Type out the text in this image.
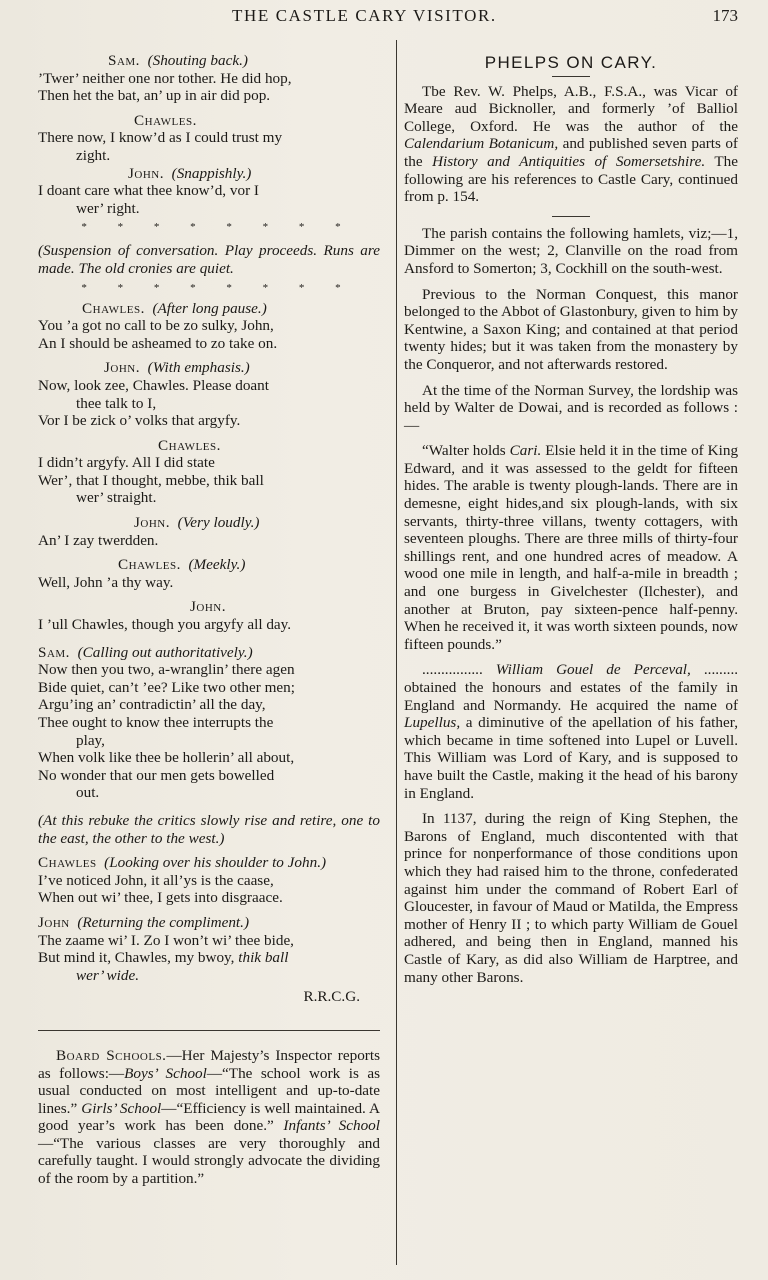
THE CASTLE CARY VISITOR.	173

Sam. (Shouting back.)

’Twer’ neither one nor tother. He did hop,

Then het the bat, an’ up in air did pop.

Chawles.

There now, I know’d as I could trust my

zight.

John. (Snappishly.)

I doant care what thee know’d, vor I

wer’ right.

* * * * * * * *

(Suspension of conversation. Play proceeds. Runs are made. The old cronies are quiet.

* * * * * * * *

Chawles. (After long pause.)

You ’a got no call to be zo sulky, John,

An I should be asheamed to zo take on.

John. (With emphasis.)

Now, look zee, Chawles. Please doant

thee talk to I,

Vor I be zick o’ volks that argyfy.

Chawles.

I didn’t argyfy. All I did state

Wer’, that I thought, mebbe, thik ball

wer’ straight.

John. (Very loudly.)

An’ I zay twerdden.

Chawles. (Meekly.)

Well, John ’a thy way.

John.

I ’ull Chawles, though you argyfy all day.

Sam. (Calling out authoritatively.)

Now then you two, a-wranglin’ there agen

Bide quiet, can’t ’ee? Like two other men;

Argu’ing an’ contradictin’ all the day,

Thee ought to know thee interrupts the

play,

When volk like thee be hollerin’ all about,

No wonder that our men gets bowelled

out.

(At this rebuke the critics slowly rise and retire, one to the east, the other to the west.)

Chawles (Looking over his shoulder to John.)

I’ve noticed John, it all’ys is the caase,

When out wi’ thee, I gets into disgraace.

John (Returning the compliment.)

The zaame wi’ I. Zo I won’t wi’ thee bide,

But mind it, Chawles, my bwoy, thik ball

wer’ wide.

R.R.C.G.

Board Schools.—Her Majesty’s Inspector reports as follows:—Boys’ School—“The school work is as usual conducted on most intelligent and up-to-date lines.” Girls’ School—“Efficiency is well maintained. A good year’s work has been done.” Infants’ School—“The various classes are very thoroughly and carefully taught. I would strongly advocate the dividing of the room by a partition.”

PHELPS ON CARY.

Tbe Rev. W. Phelps, A.B., F.S.A., was Vicar of Meare aud Bicknoller, and formerly ’of Balliol College, Oxford. He was the author of the Calendarium Botanicum, and published seven parts of the History and Antiquities of Somersetshire. The following are his references to Castle Cary, continued from p. 154.

The parish contains the following hamlets, viz;—1, Dimmer on the west; 2, Clanville on the road from Ansford to Somerton; 3, Cockhill on the south-west.

Previous to the Norman Conquest, this manor belonged to the Abbot of Glastonbury, given to him by Kentwine, a Saxon King; and contained at that period twenty hides; but it was taken from the monastery by the Conqueror, and not afterwards restored.

At the time of the Norman Survey, the lordship was held by Walter de Dowai, and is recorded as follows :—

“Walter holds Cari. Elsie held it in the time of King Edward, and it was assessed to the geldt for fifteen hides. The arable is twenty plough-lands. There are in demesne, eight hides,and six plough-lands, with six servants, thirty-three villans, twenty cottagers, with seventeen ploughs. There are three mills of thirty-four shillings rent, and one hundred acres of meadow. A wood one mile in length, and half-a-mile in breadth ; and one burgess in Givelchester (Ilchester), and another at Bruton, pay sixteen-pence half-penny. When he received it, it was worth sixteen pounds, now fifteen pounds.”

................ William Gouel de Perceval, ......... obtained the honours and estates of the family in England and Normandy. He acquired the name of Lupellus, a diminutive of the apellation of his father, which became in time softened into Lupel or Luvell. This William was Lord of Kary, and is supposed to have built the Castle, making it the head of his barony in England.

In 1137, during the reign of King Stephen, the Barons of England, much discontented with that prince for nonperformance of those conditions upon which they had raised him to the throne, confederated against him under the command of Robert Earl of Gloucester, in favour of Maud or Matilda, the Empress mother of Henry II ; to which party William de Gouel adhered, and being then in England, manned his Castle of Kary, as did also William de Harptree, and many other Barons.
